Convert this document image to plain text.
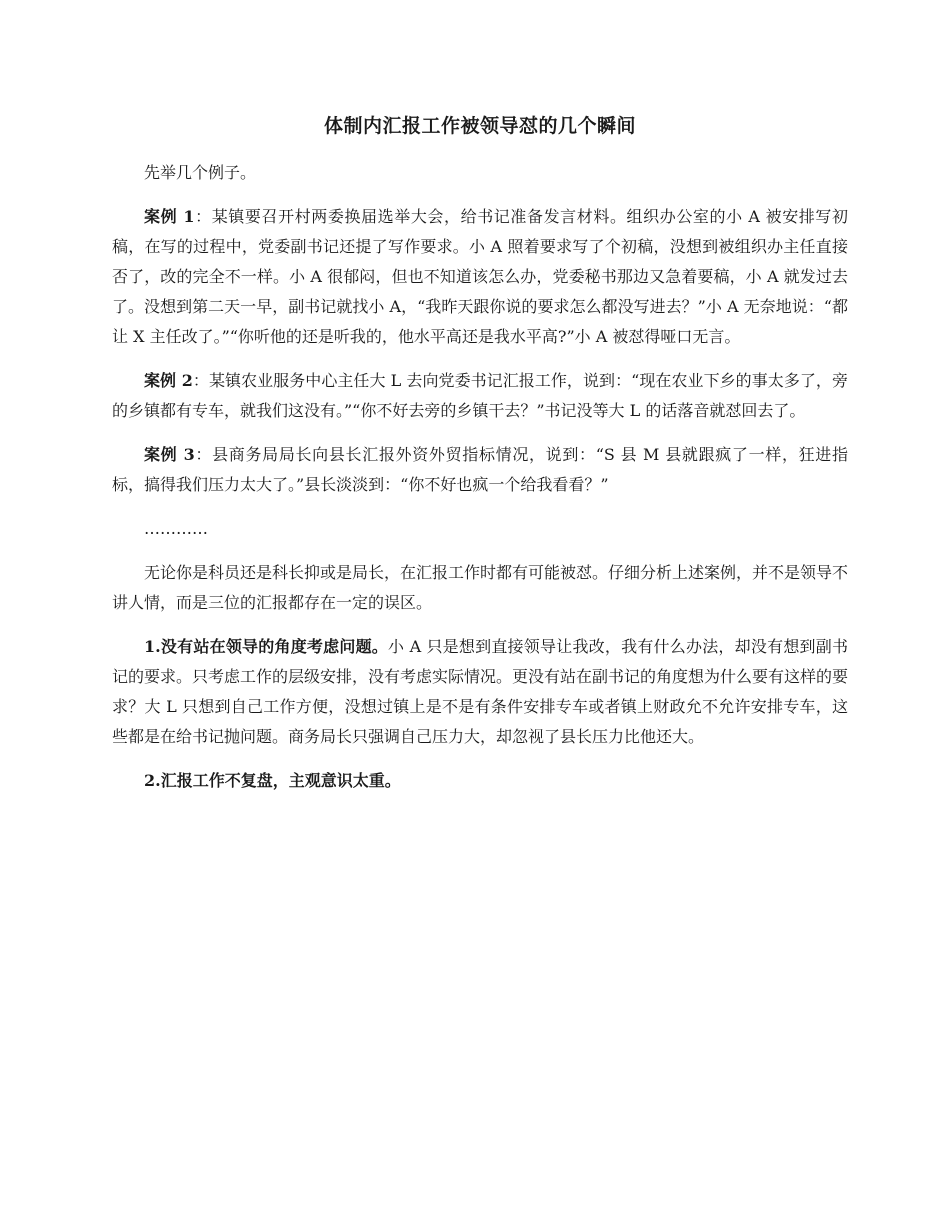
体制内汇报工作被领导怼的几个瞬间

先举几个例子。

案例 1：某镇要召开村两委换届选举大会，给书记准备发言材料。组织办公室的小 A 被安排写初稿，在写的过程中，党委副书记还提了写作要求。小 A 照着要求写了个初稿，没想到被组织办主任直接否了，改的完全不一样。小 A 很郁闷，但也不知道该怎么办，党委秘书那边又急着要稿，小 A 就发过去了。没想到第二天一早，副书记就找小 A，“我昨天跟你说的要求怎么都没写进去？”小 A 无奈地说：“都让 X 主任改了。”“你听他的还是听我的，他水平高还是我水平高?”小 A 被怼得哑口无言。

案例 2：某镇农业服务中心主任大 L 去向党委书记汇报工作，说到：“现在农业下乡的事太多了，旁的乡镇都有专车，就我们这没有。”“你不好去旁的乡镇干去？”书记没等大 L 的话落音就怼回去了。

案例 3：县商务局局长向县长汇报外资外贸指标情况，说到：“S 县 M 县就跟疯了一样，狂进指标，搞得我们压力太大了。”县长淡淡到：“你不好也疯一个给我看看？”

…………

无论你是科员还是科长抑或是局长，在汇报工作时都有可能被怼。仔细分析上述案例，并不是领导不讲人情，而是三位的汇报都存在一定的误区。

1.没有站在领导的角度考虑问题。小 A 只是想到直接领导让我改，我有什么办法，却没有想到副书记的要求。只考虑工作的层级安排，没有考虑实际情况。更没有站在副书记的角度想为什么要有这样的要求？大 L 只想到自己工作方便，没想过镇上是不是有条件安排专车或者镇上财政允不允许安排专车，这些都是在给书记抛问题。商务局长只强调自己压力大，却忽视了县长压力比他还大。

2.汇报工作不复盘，主观意识太重。
